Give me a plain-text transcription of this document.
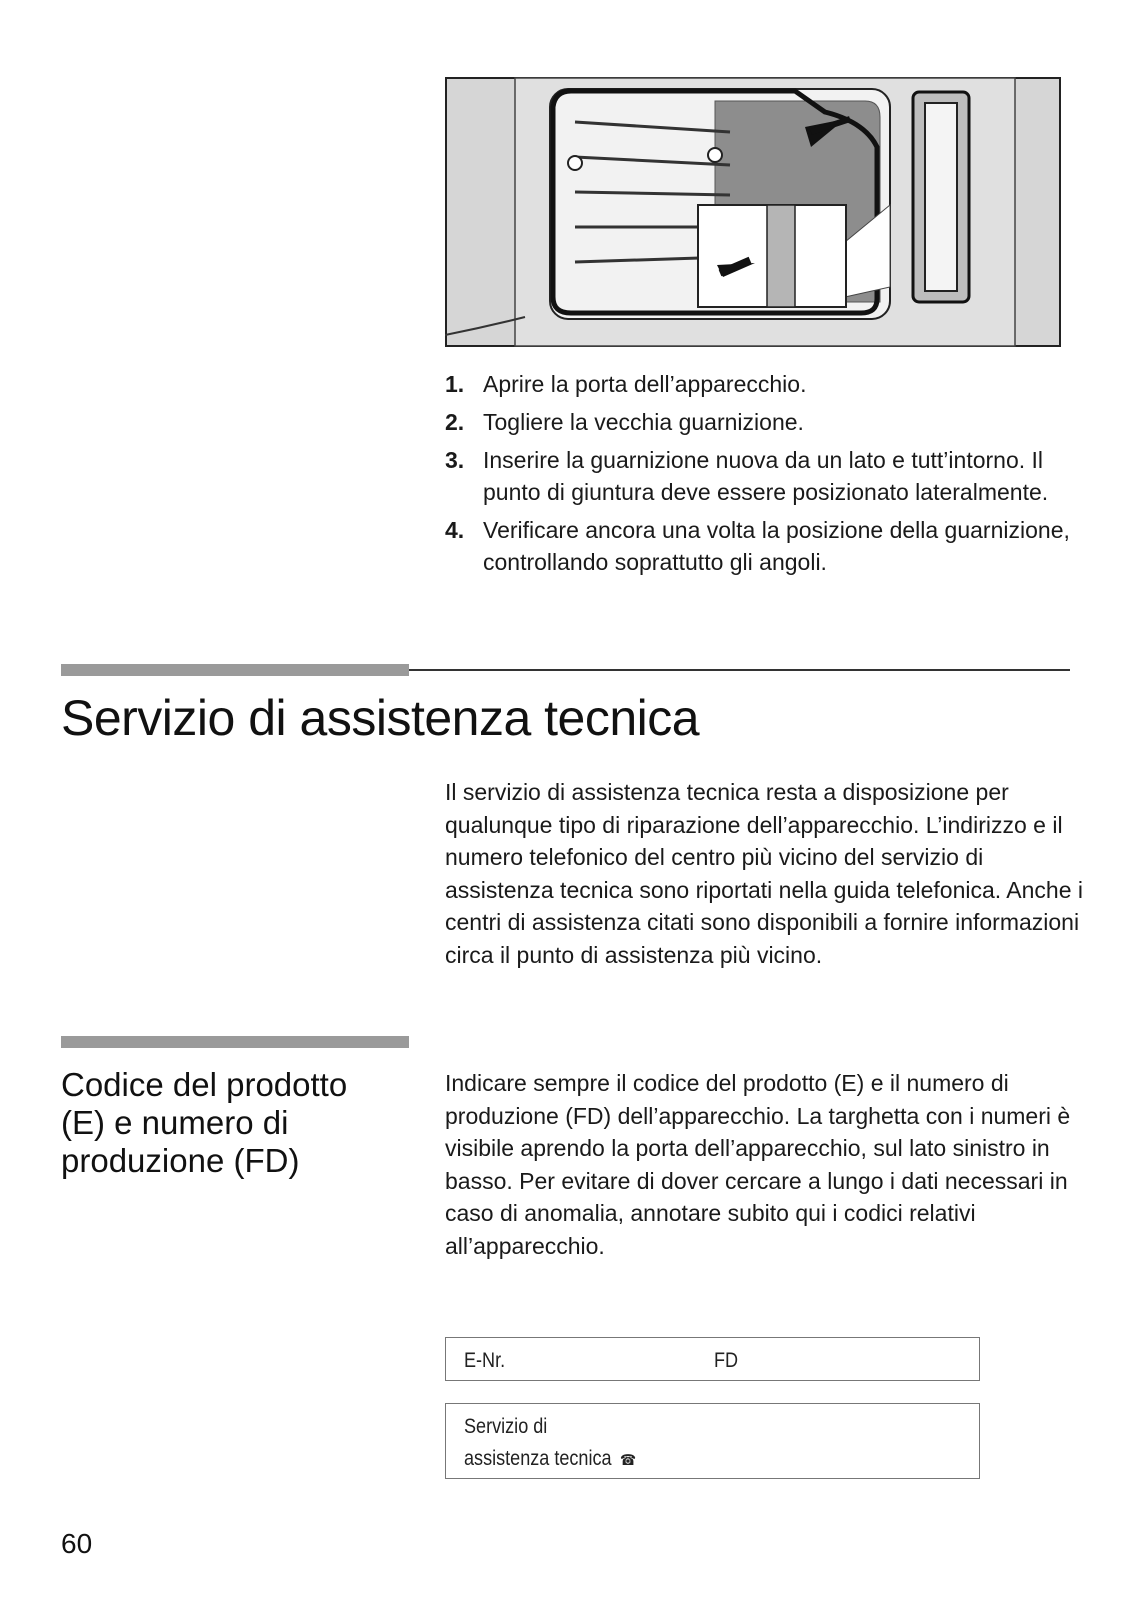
1. Aprire la porta dell’apparecchio.
2. Togliere la vecchia guarnizione.
3. Inserire la guarnizione nuova da un lato e tutt’intorno. Il punto di giuntura deve essere posizionato lateralmente.
4. Verificare ancora una volta la posizione della guarnizione, controllando soprattutto gli angoli.
Servizio di assistenza tecnica

Il servizio di assistenza tecnica resta a disposizione per qualunque tipo di riparazione dell’apparecchio. L’indirizzo e il numero telefonico del centro più vicino del servizio di assistenza tecnica sono riportati nella guida telefonica. Anche i centri di assistenza citati sono disponibili a fornire informazioni circa il punto di assistenza più vicino.

Codice del prodotto (E) e numero di produzione (FD)

Indicare sempre il codice del prodotto (E) e il numero di produzione (FD) dell’apparecchio. La targhetta con i numeri è visibile aprendo la porta dell’apparecchio, sul lato sinistro in basso. Per evitare di dover cercare a lungo i dati necessari in caso di anomalia, annotare subito qui i codici relativi all’apparecchio.

E-Nr.	FD
Servizio di
assistenza tecnica ☎
60
